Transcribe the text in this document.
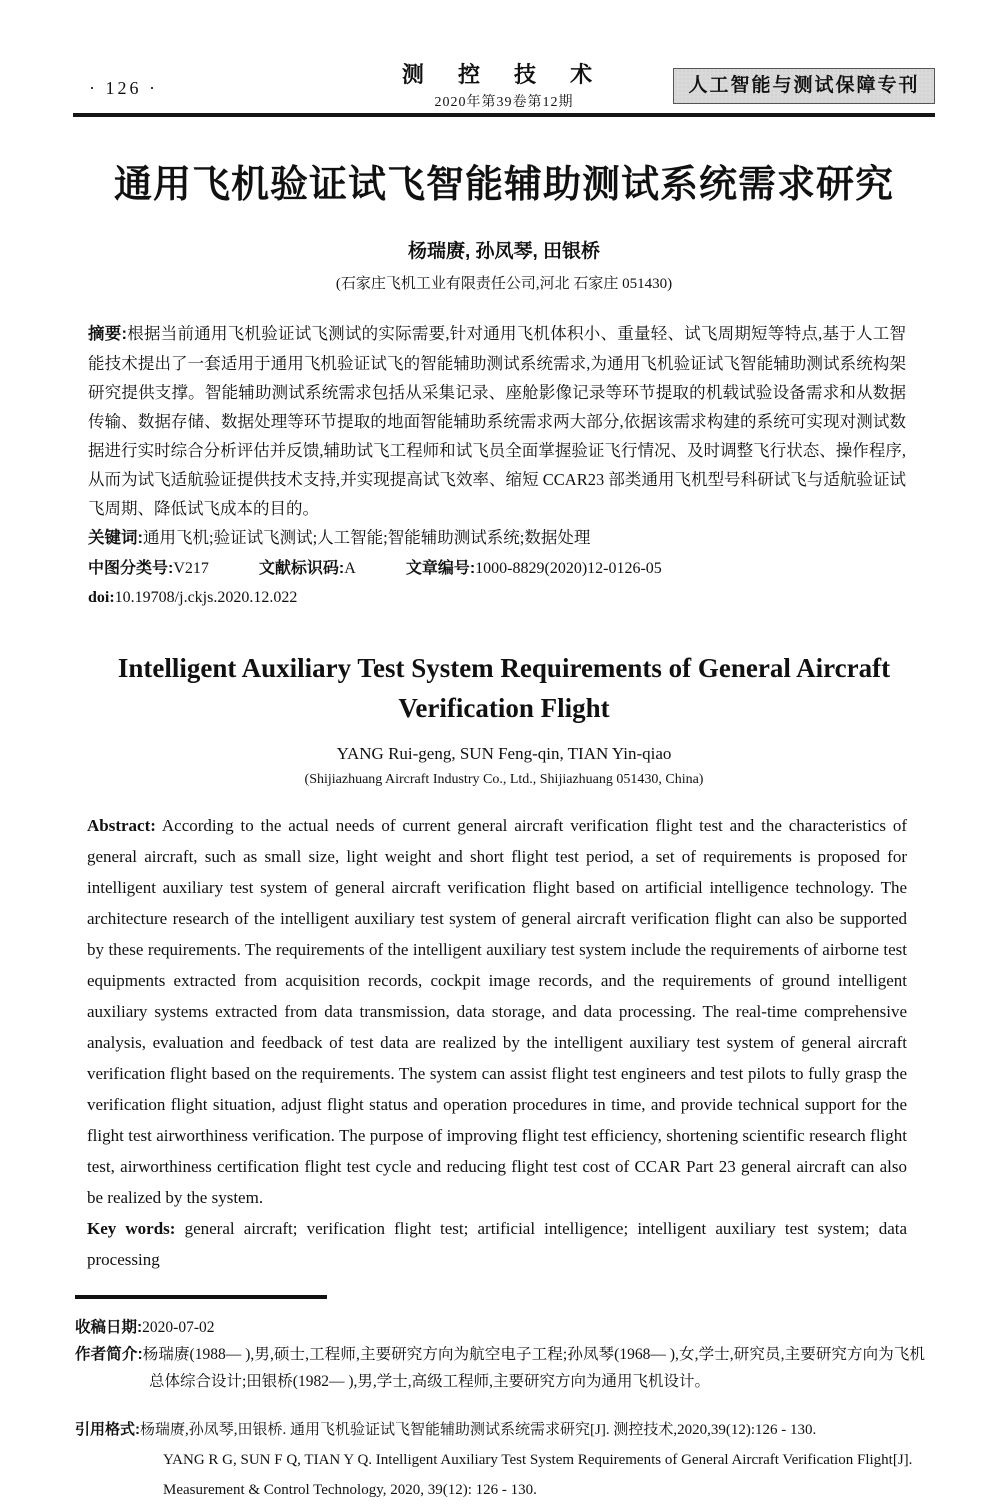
· 126 ·
测 控 技 术
2020年第39卷第12期
人工智能与测试保障专刊
通用飞机验证试飞智能辅助测试系统需求研究
杨瑞赓, 孙凤琴, 田银桥
(石家庄飞机工业有限责任公司,河北 石家庄 051430)

摘要:根据当前通用飞机验证试飞测试的实际需要,针对通用飞机体积小、重量轻、试飞周期短等特点,基于人工智能技术提出了一套适用于通用飞机验证试飞的智能辅助测试系统需求,为通用飞机验证试飞智能辅助测试系统构架研究提供支撑。智能辅助测试系统需求包括从采集记录、座舱影像记录等环节提取的机载试验设备需求和从数据传输、数据存储、数据处理等环节提取的地面智能辅助系统需求两大部分,依据该需求构建的系统可实现对测试数据进行实时综合分析评估并反馈,辅助试飞工程师和试飞员全面掌握验证飞行情况、及时调整飞行状态、操作程序,从而为试飞适航验证提供技术支持,并实现提高试飞效率、缩短 CCAR23 部类通用飞机型号科研试飞与适航验证试飞周期、降低试飞成本的目的。

关键词:通用飞机;验证试飞测试;人工智能;智能辅助测试系统;数据处理

中图分类号:V217	文献标识码:A	文章编号:1000-8829(2020)12-0126-05

doi:10.19708/j.ckjs.2020.12.022

Intelligent Auxiliary Test System Requirements of General Aircraft
Verification Flight
YANG Rui-geng, SUN Feng-qin, TIAN Yin-qiao
(Shijiazhuang Aircraft Industry Co., Ltd., Shijiazhuang 051430, China)

Abstract: According to the actual needs of current general aircraft verification flight test and the characteristics of general aircraft, such as small size, light weight and short flight test period, a set of requirements is proposed for intelligent auxiliary test system of general aircraft verification flight based on artificial intelligence technology. The architecture research of the intelligent auxiliary test system of general aircraft verification flight can also be supported by these requirements. The requirements of the intelligent auxiliary test system include the requirements of airborne test equipments extracted from acquisition records, cockpit image records, and the requirements of ground intelligent auxiliary systems extracted from data transmission, data storage, and data processing. The real-time comprehensive analysis, evaluation and feedback of test data are realized by the intelligent auxiliary test system of general aircraft verification flight based on the requirements. The system can assist flight test engineers and test pilots to fully grasp the verification flight situation, adjust flight status and operation procedures in time, and provide technical support for the flight test airworthiness verification. The purpose of improving flight test efficiency, shortening scientific research flight test, airworthiness certification flight test cycle and reducing flight test cost of CCAR Part 23 general aircraft can also be realized by the system.

Key words: general aircraft; verification flight test; artificial intelligence; intelligent auxiliary test system; data processing

收稿日期:2020-07-02

作者简介:杨瑞赓(1988— ),男,硕士,工程师,主要研究方向为航空电子工程;孙凤琴(1968— ),女,学士,研究员,主要研究方向为飞机总体综合设计;田银桥(1982— ),男,学士,高级工程师,主要研究方向为通用飞机设计。

引用格式:杨瑞赓,孙凤琴,田银桥. 通用飞机验证试飞智能辅助测试系统需求研究[J]. 测控技术,2020,39(12):126 - 130.

YANG R G, SUN F Q, TIAN Y Q. Intelligent Auxiliary Test System Requirements of General Aircraft Verification Flight[J].
Measurement & Control Technology, 2020, 39(12): 126 - 130.
